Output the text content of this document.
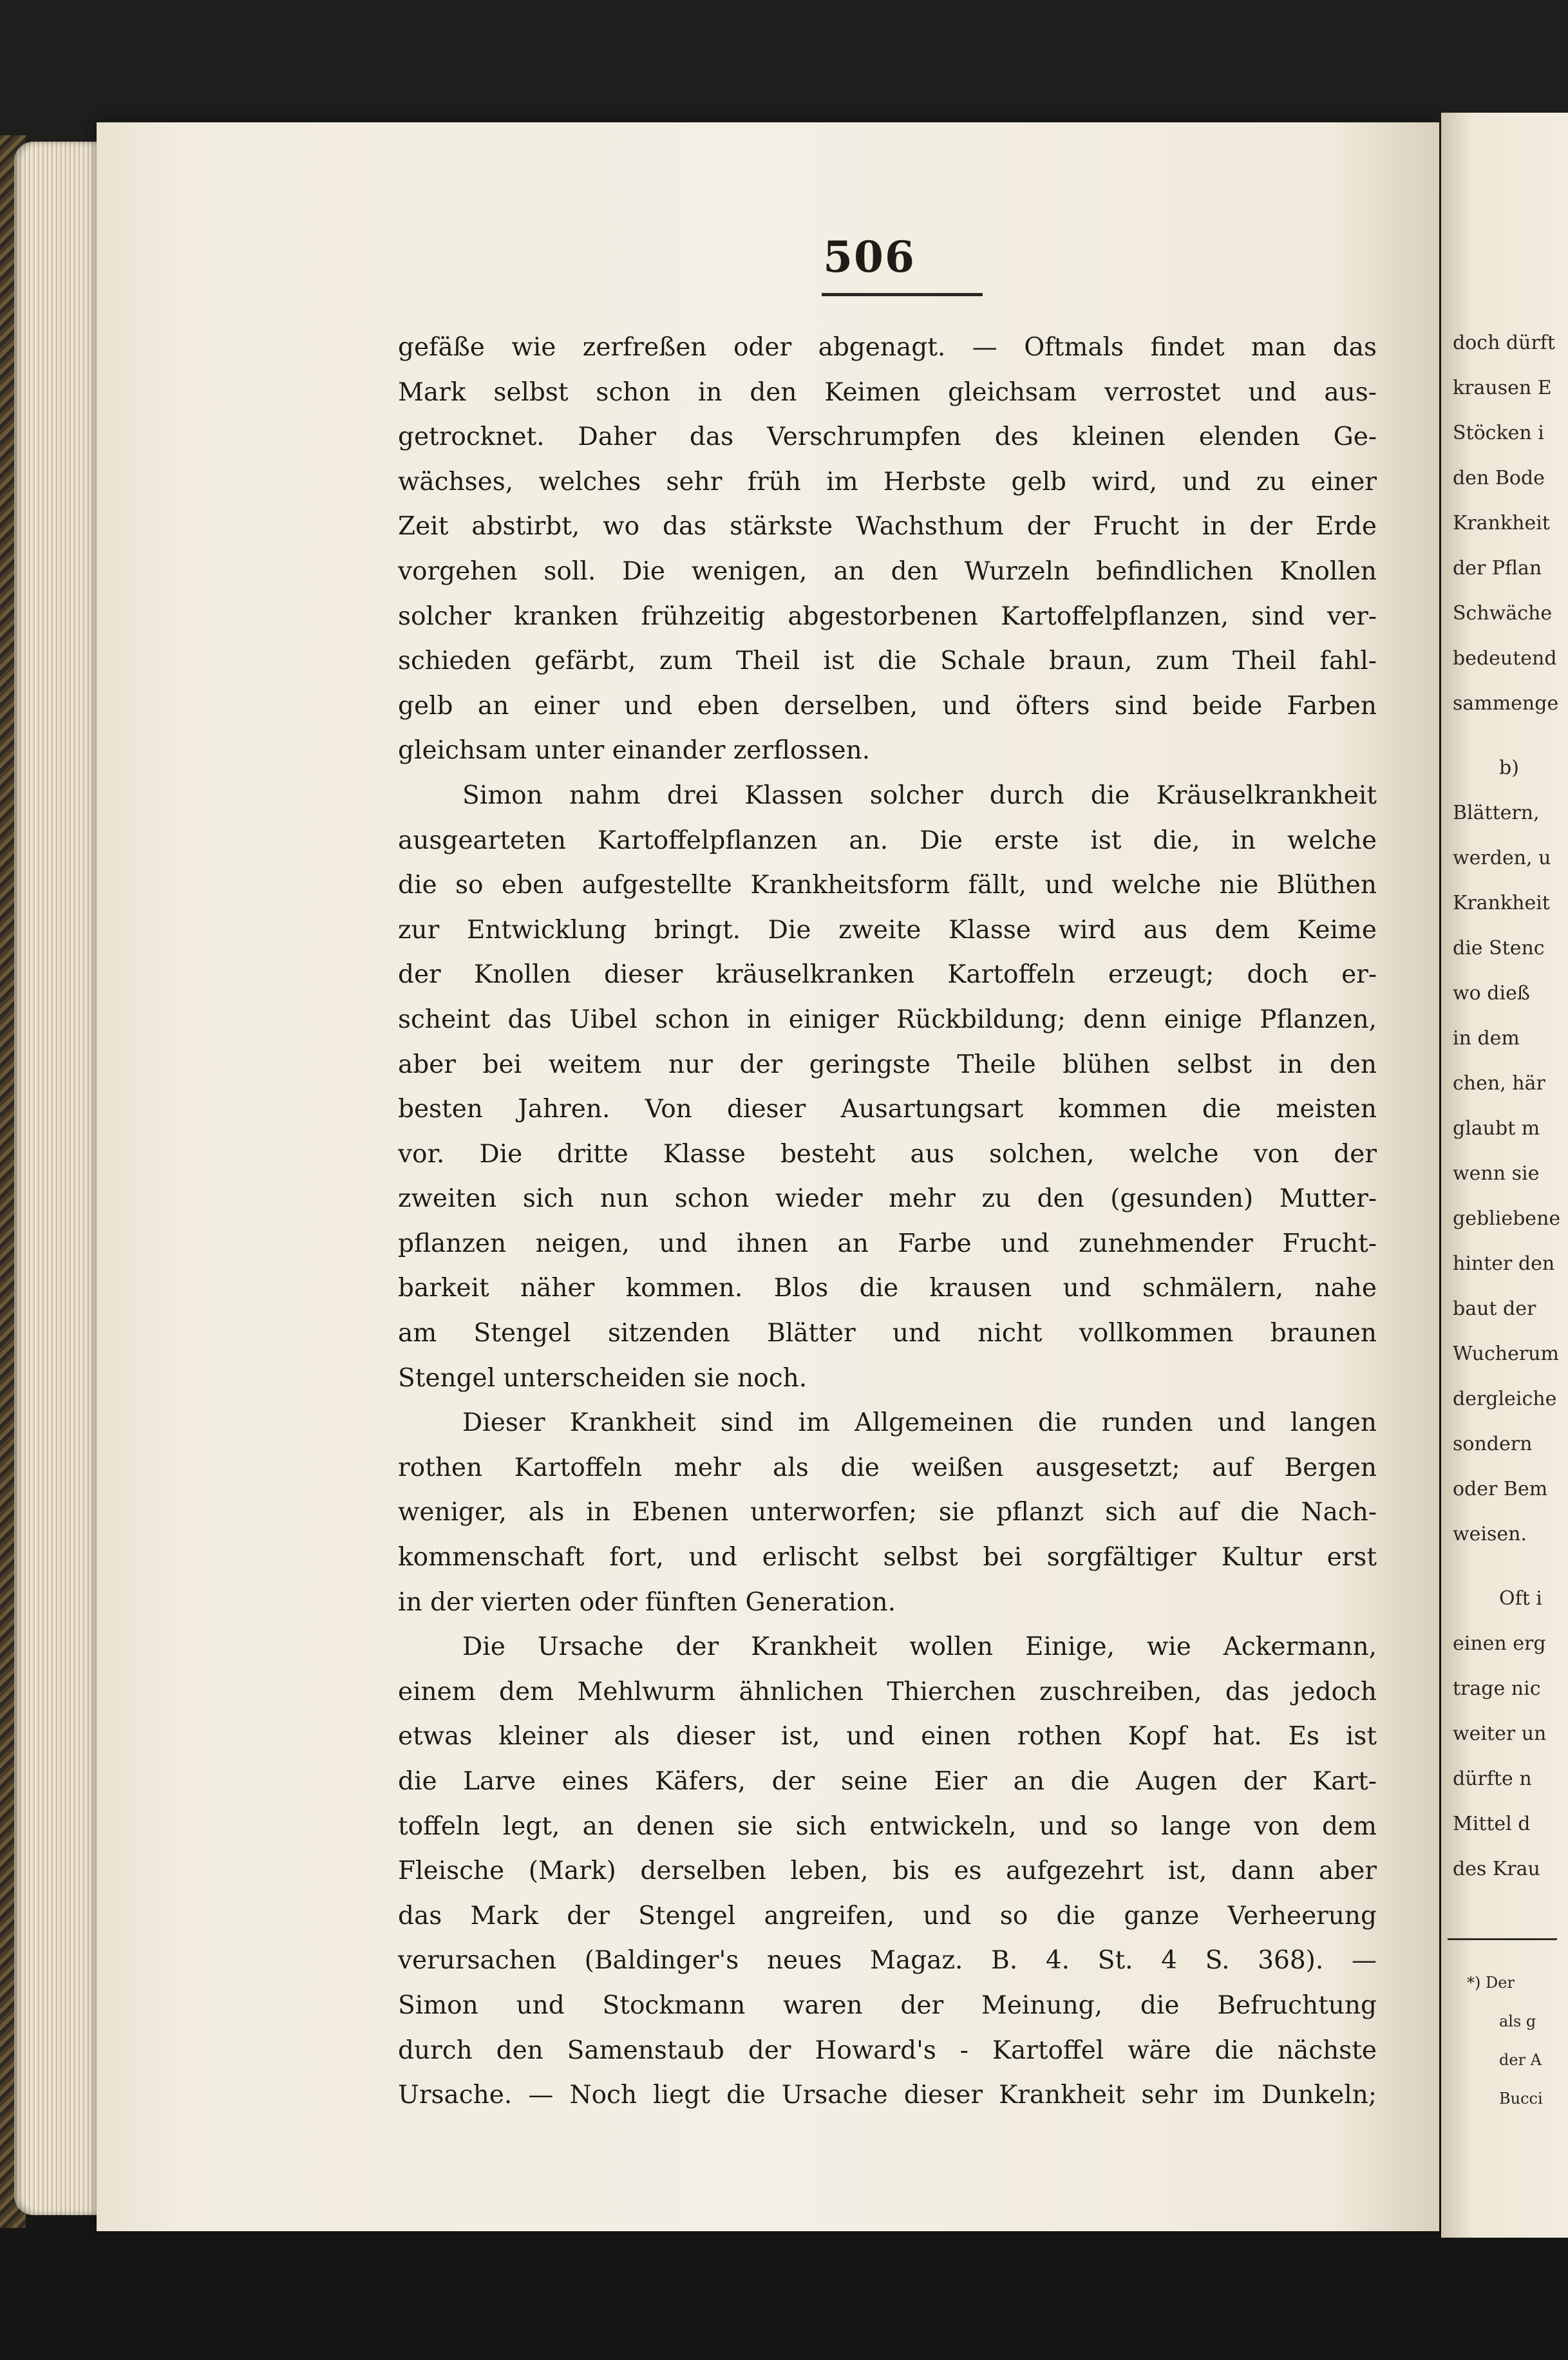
506
gefäße wie zerfreßen oder abgenagt. — Oftmals findet man das
Mark selbst schon in den Keimen gleichsam verrostet und aus-
getrocknet. Daher das Verschrumpfen des kleinen elenden Ge-
wächses, welches sehr früh im Herbste gelb wird, und zu einer
Zeit abstirbt, wo das stärkste Wachsthum der Frucht in der Erde
vorgehen soll. Die wenigen, an den Wurzeln befindlichen Knollen
solcher kranken frühzeitig abgestorbenen Kartoffelpflanzen, sind ver-
schieden gefärbt, zum Theil ist die Schale braun, zum Theil fahl-
gelb an einer und eben derselben, und öfters sind beide Farben
gleichsam unter einander zerflossen.
Simon nahm drei Klassen solcher durch die Kräuselkrankheit
ausgearteten Kartoffelpflanzen an. Die erste ist die, in welche
die so eben aufgestellte Krankheitsform fällt, und welche nie Blüthen
zur Entwicklung bringt. Die zweite Klasse wird aus dem Keime
der Knollen dieser kräuselkranken Kartoffeln erzeugt; doch er-
scheint das Uibel schon in einiger Rückbildung; denn einige Pflanzen,
aber bei weitem nur der geringste Theile blühen selbst in den
besten Jahren. Von dieser Ausartungsart kommen die meisten
vor. Die dritte Klasse besteht aus solchen, welche von der
zweiten sich nun schon wieder mehr zu den (gesunden) Mutter-
pflanzen neigen, und ihnen an Farbe und zunehmender Frucht-
barkeit näher kommen. Blos die krausen und schmälern, nahe
am Stengel sitzenden Blätter und nicht vollkommen braunen
Stengel unterscheiden sie noch.
Dieser Krankheit sind im Allgemeinen die runden und langen
rothen Kartoffeln mehr als die weißen ausgesetzt; auf Bergen
weniger, als in Ebenen unterworfen; sie pflanzt sich auf die Nach-
kommenschaft fort, und erlischt selbst bei sorgfältiger Kultur erst
in der vierten oder fünften Generation.
Die Ursache der Krankheit wollen Einige, wie Ackermann,
einem dem Mehlwurm ähnlichen Thierchen zuschreiben, das jedoch
etwas kleiner als dieser ist, und einen rothen Kopf hat. Es ist
die Larve eines Käfers, der seine Eier an die Augen der Kart-
toffeln legt, an denen sie sich entwickeln, und so lange von dem
Fleische (Mark) derselben leben, bis es aufgezehrt ist, dann aber
das Mark der Stengel angreifen, und so die ganze Verheerung
verursachen (Baldinger's neues Magaz. B. 4. St. 4 S. 368). —
Simon und Stockmann waren der Meinung, die Befruchtung
durch den Samenstaub der Howard's - Kartoffel wäre die nächste
Ursache. — Noch liegt die Ursache dieser Krankheit sehr im Dunkeln;
doch dürft
krausen E
Stöcken i
den Bode
Krankheit
der Pflan
Schwäche
bedeutend
sammenge
b)
Blättern,
werden, u
Krankheit
die Stenc
wo dieß
in dem
chen, här
glaubt m
wenn sie
gebliebene
hinter den
baut der
Wucherum
dergleiche
sondern
oder Bem
weisen.
Oft i
einen erg
trage nic
weiter un
dürfte n
Mittel d
des Krau
*) Der
als g
der A
Bucci
